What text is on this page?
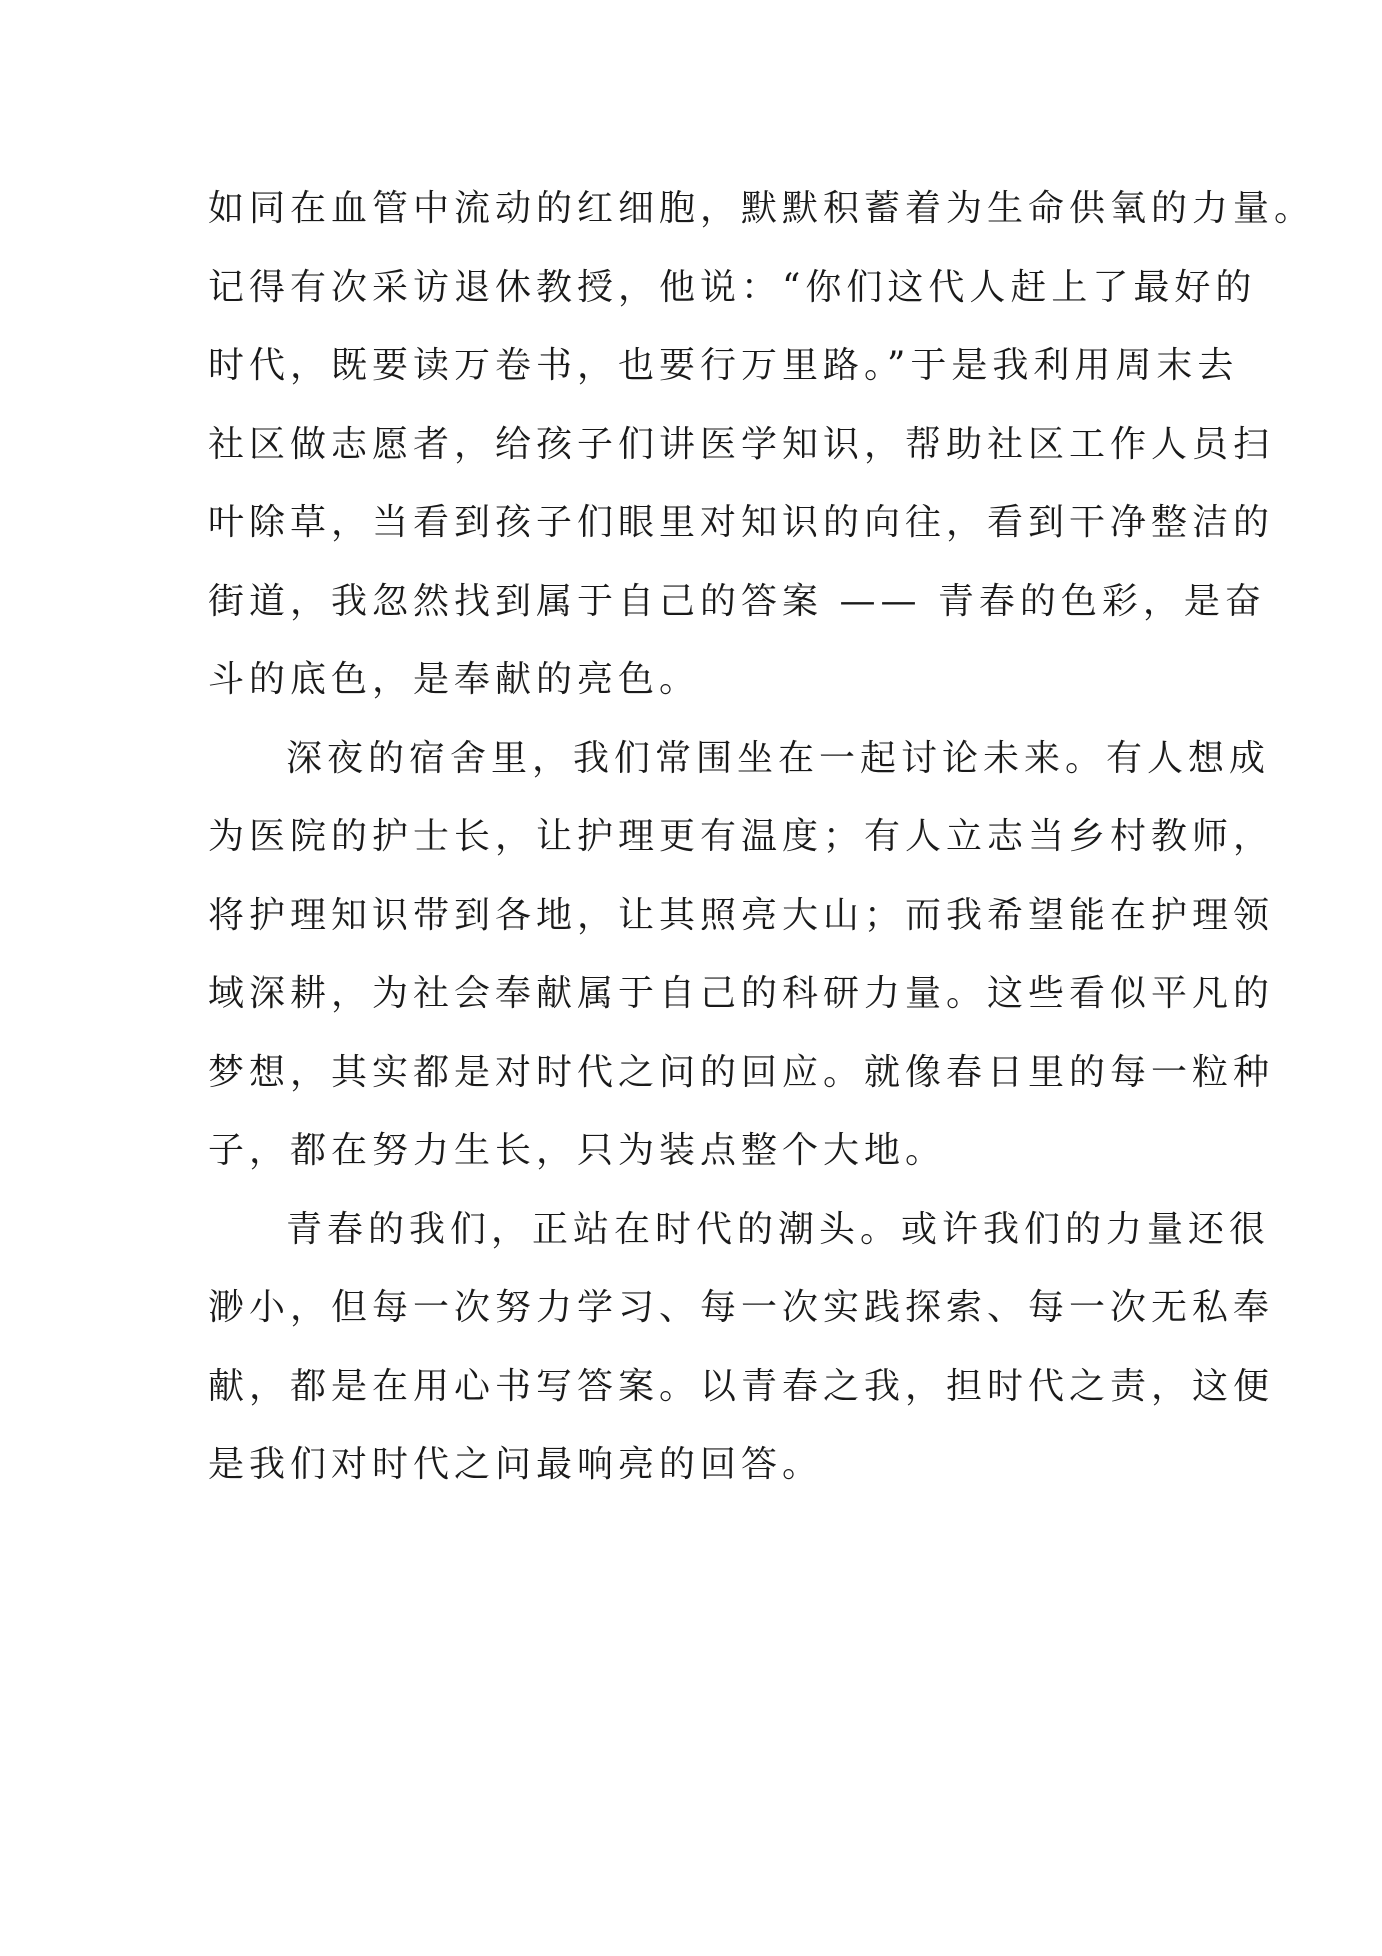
如同在血管中流动的红细胞，默默积蓄着为生命供氧的力量。

记得有次采访退休教授，他说：“你们这代人赶上了最好的

时代，既要读万卷书，也要行万里路。”于是我利用周末去

社区做志愿者，给孩子们讲医学知识，帮助社区工作人员扫

叶除草，当看到孩子们眼里对知识的向往，看到干净整洁的

街道，我忽然找到属于自己的答案 —— 青春的色彩，是奋

斗的底色，是奉献的亮色。

深夜的宿舍里，我们常围坐在一起讨论未来。有人想成

为医院的护士长，让护理更有温度；有人立志当乡村教师，

将护理知识带到各地，让其照亮大山；而我希望能在护理领

域深耕，为社会奉献属于自己的科研力量。这些看似平凡的

梦想，其实都是对时代之问的回应。就像春日里的每一粒种

子，都在努力生长，只为装点整个大地。

青春的我们，正站在时代的潮头。或许我们的力量还很

渺小，但每一次努力学习、每一次实践探索、每一次无私奉

献，都是在用心书写答案。以青春之我，担时代之责，这便

是我们对时代之问最响亮的回答。
